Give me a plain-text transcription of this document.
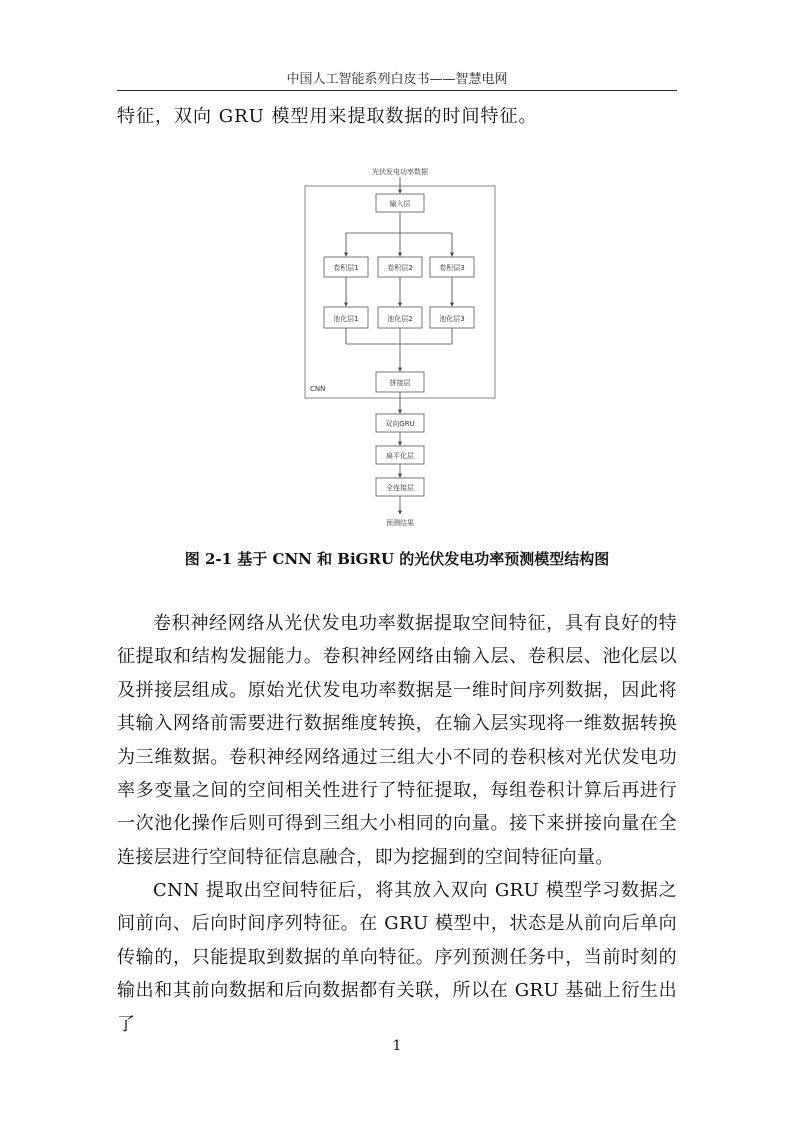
中国人工智能系列白皮书——智慧电网
特征，双向 GRU 模型用来提取数据的时间特征。
光伏发电功率数据
CNN
输入层
卷积层1	卷积层2	卷积层3
池化层1	池化层2	池化层3
拼接层
双向GRU
扁平化层
全连接层
预测结果
图 2-1 基于 CNN 和 BiGRU 的光伏发电功率预测模型结构图
卷积神经网络从光伏发电功率数据提取空间特征，具有良好的特征提取和结构发掘能力。卷积神经网络由输入层、卷积层、池化层以及拼接层组成。原始光伏发电功率数据是一维时间序列数据，因此将其输入网络前需要进行数据维度转换，在输入层实现将一维数据转换为三维数据。卷积神经网络通过三组大小不同的卷积核对光伏发电功率多变量之间的空间相关性进行了特征提取，每组卷积计算后再进行一次池化操作后则可得到三组大小相同的向量。接下来拼接向量在全连接层进行空间特征信息融合，即为挖掘到的空间特征向量。
CNN 提取出空间特征后，将其放入双向 GRU 模型学习数据之间前向、后向时间序列特征。在 GRU 模型中，状态是从前向后单向传输的，只能提取到数据的单向特征。序列预测任务中，当前时刻的输出和其前向数据和后向数据都有关联，所以在 GRU 基础上衍生出了
1
